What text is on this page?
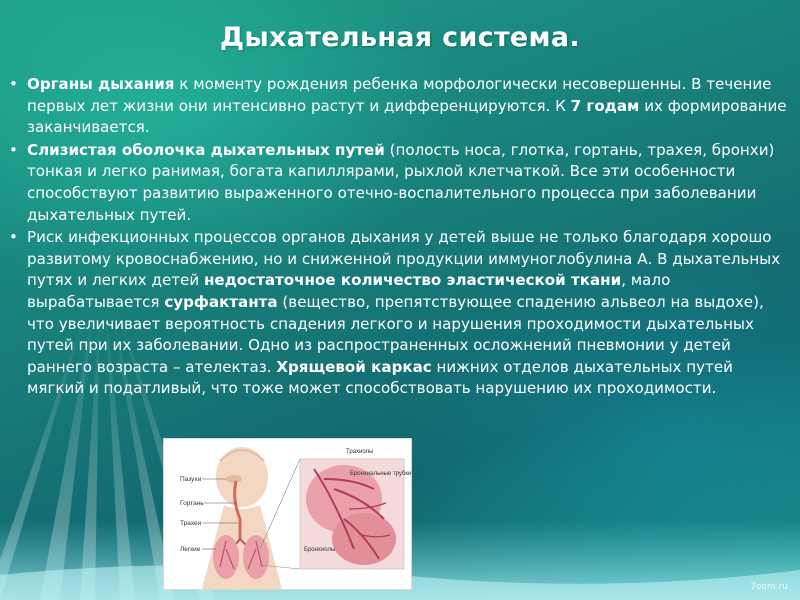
Дыхательная система.
• Органы дыхания к моменту рождения ребенка морфологически несовершенны. В течение первых лет жизни они интенсивно растут и дифференцируются. К 7 годам их формирование заканчивается.
• Слизистая оболочка дыхательных путей (полость носа, глотка, гортань, трахея, бронхи) тонкая и легко ранимая, богата капиллярами, рыхлой клетчаткой. Все эти особенности способствуют развитию выраженного отечно-воспалительного процесса при заболевании дыхательных путей.
• Риск инфекционных процессов органов дыхания у детей выше не только благодаря хорошо развитому кровоснабжению, но и сниженной продукции иммуноглобулина А. В дыхательных путях и легких детей недостаточное количество эластической ткани, мало вырабатывается сурфактанта (вещество, препятствующее спадению альвеол на выдохе), что увеличивает вероятность спадения легкого и нарушения проходимости дыхательных путей при их заболевании. Одно из распространенных осложнений пневмонии у детей раннего возраста – ателектаз. Хрящевой каркас нижних отделов дыхательных путей мягкий и податливый, что тоже может способствовать нарушению их проходимости.
Пазухи
Гортань
Трахея
Легкие
Трахиолы
Бронхиальные трубки
Бронхиолы
7oom.ru
